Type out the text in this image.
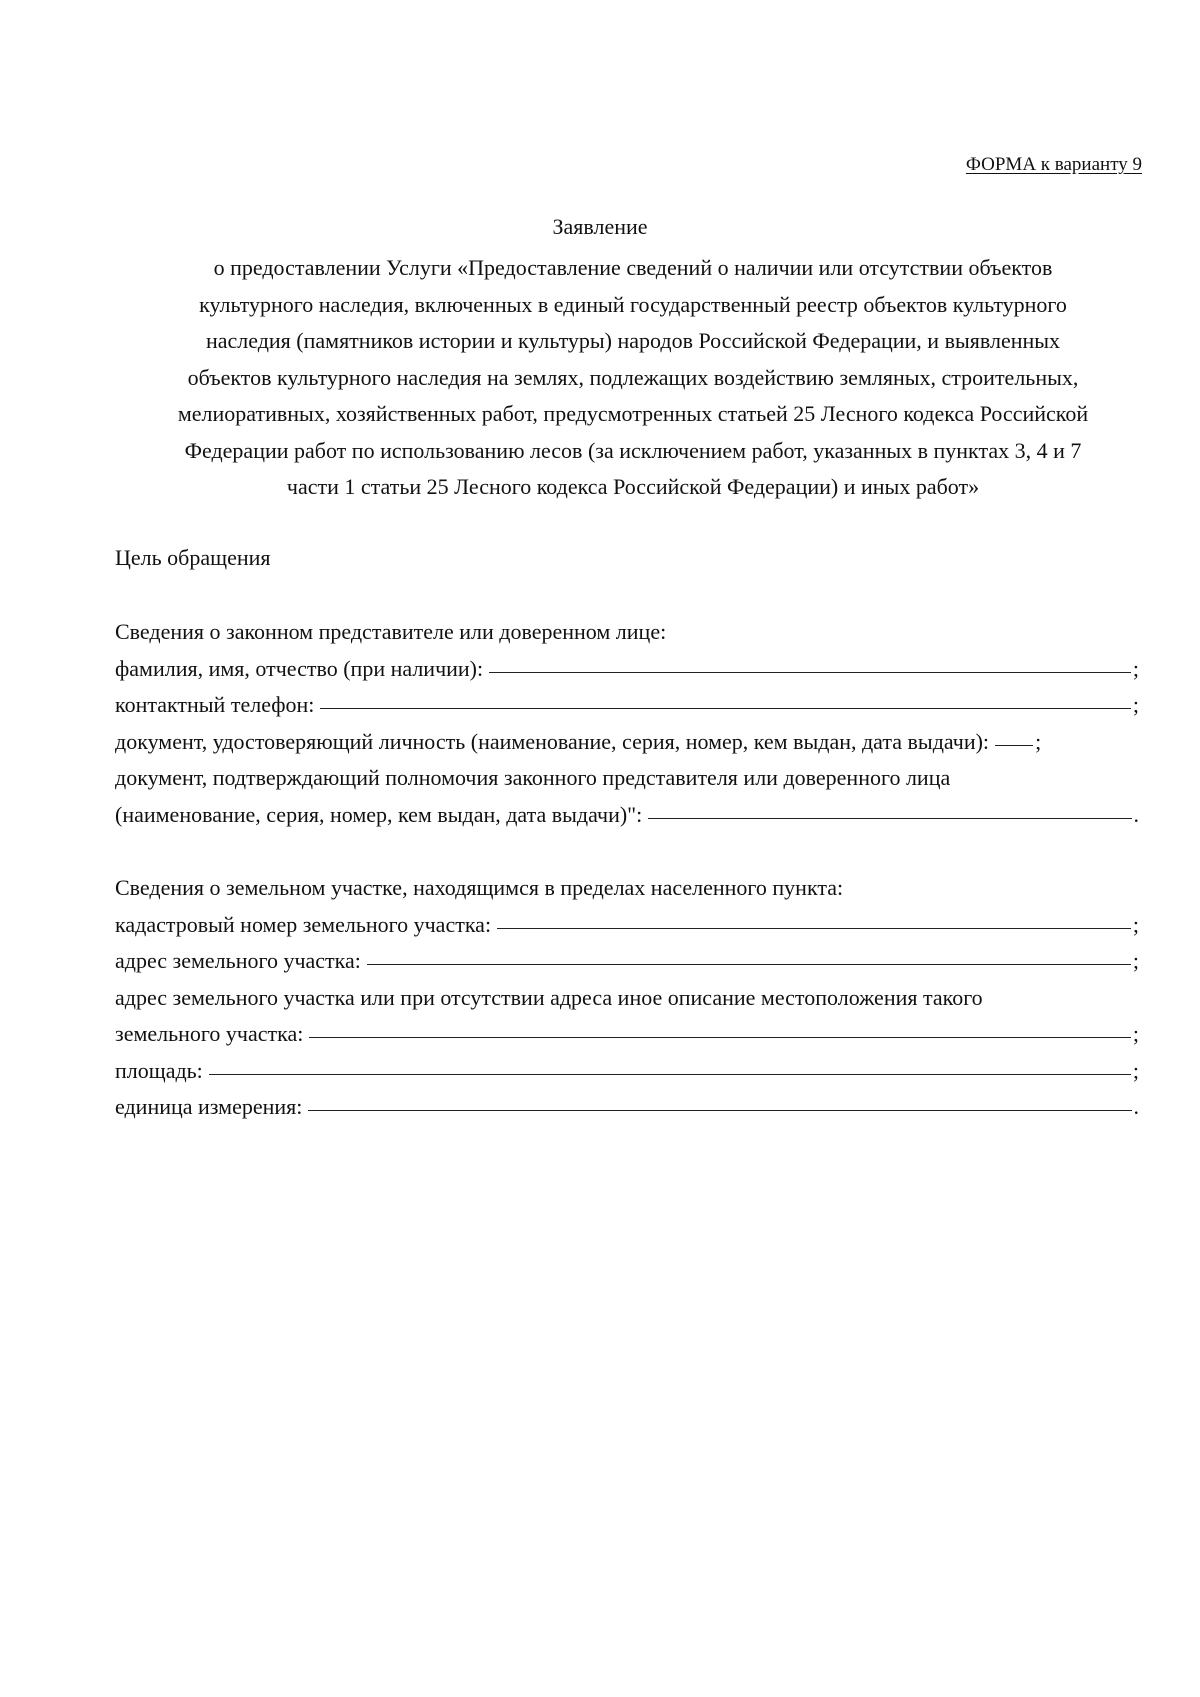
ФОРМА к варианту 9
Заявление
о предоставлении Услуги «Предоставление сведений о наличии или отсутствии объектов
культурного наследия, включенных в единый государственный реестр объектов культурного
наследия (памятников истории и культуры) народов Российской Федерации, и выявленных
объектов культурного наследия на землях, подлежащих воздействию земляных, строительных,
мелиоративных, хозяйственных работ, предусмотренных статьей 25 Лесного кодекса Российской
Федерации работ по использованию лесов (за исключением работ, указанных в пунктах 3, 4 и 7
части 1 статьи 25 Лесного кодекса Российской Федерации) и иных работ»
Цель обращения
Сведения о законном представителе или доверенном лице:
фамилия, имя, отчество (при наличии):	;
контактный телефон:	;
документ, удостоверяющий личность (наименование, серия, номер, кем выдан, дата выдачи): ;
документ, подтверждающий полномочия законного представителя или доверенного лица
(наименование, серия, номер, кем выдан, дата выдачи)":	.
Сведения о земельном участке, находящимся в пределах населенного пункта:
кадастровый номер земельного участка:	;
адрес земельного участка:	;
адрес земельного участка или при отсутствии адреса иное описание местоположения такого
земельного участка:	;
площадь:	;
единица измерения:	.
